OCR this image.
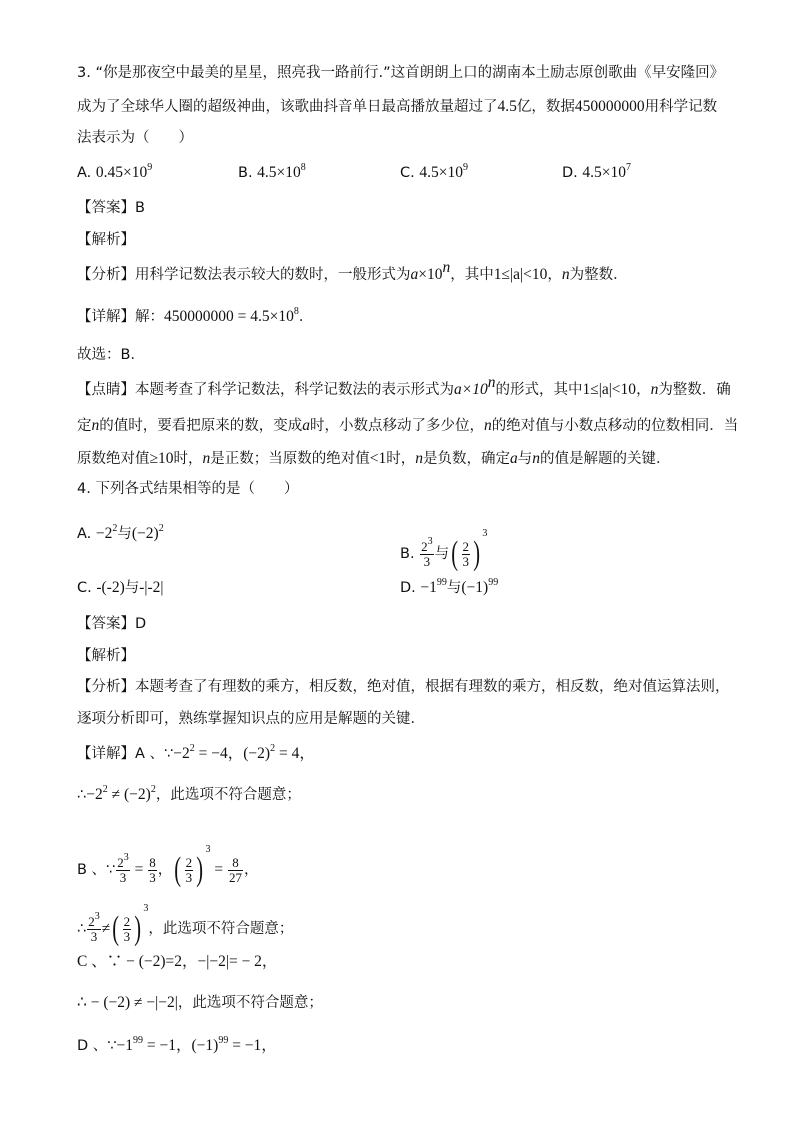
3. “你是那夜空中最美的星星，照亮我一路前行.”这首朗朗上口的湖南本土励志原创歌曲《早安隆回》
成为了全球华人圈的超级神曲，该歌曲抖音单日最高播放量超过了4.5亿，数据450000000用科学记数
法表示为（　　）
A. $0.45\times 10^9$	B. $4.5\times 10^8$	C. $4.5\times 10^9$	D. $4.5\times 10^7$
【答案】B
【解析】
【分析】用科学记数法表示较大的数时，一般形式为$a\times 10^n$，其中1≤|a|<10，n为整数．
【详解】解：$450000000 = 4.5\times 10^8$．
故选：B．
【点睛】本题考查了科学记数法，科学记数法的表示形式为$a\times 10^n$的形式，其中1≤|a|<10，n为整数．确
定n的值时，要看把原来的数，变成a时，小数点移动了多少位，n的绝对值与小数点移动的位数相同．当
原数绝对值≥10时，n是正数；当原数的绝对值<1时，n是负数，确定a与n的值是解题的关键．
4. 下列各式结果相等的是（　　）
A. $-2^2$与$(-2)^2$
B. $\frac{2^3}{3}$ 与( $\frac{2}{3} )^3$
C. -(-2)与-|-2|	D. $-1^{99}$与$(-1)^{99}$
【答案】D
【解析】
【分析】本题考查了有理数的乘方，相反数，绝对值，根据有理数的乘方，相反数，绝对值运算法则，
逐项分析即可，熟练掌握知识点的应用是解题的关键．
【详解】A 、$\because-2^2 = -4$，$(-2)^2 = 4$，
$\therefore-2^2 \ne (-2)^2$，此选项不符合题意；
B 、∵ $\frac{2^3}{3} = \frac{8}{3}$ ，( $\frac{2}{3} )^3 = \frac{8}{27}$ ，
∴ $\frac{2^3}{3}$ ≠( $\frac{2}{3} )^3$，此选项不符合题意；
C 、∵ − (−2)=2，−|−2|= − 2，
∴ − (−2) ≠ −|−2|，此选项不符合题意；
D 、$\because-1^{99} = -1$，$(-1)^{99} = -1$，
